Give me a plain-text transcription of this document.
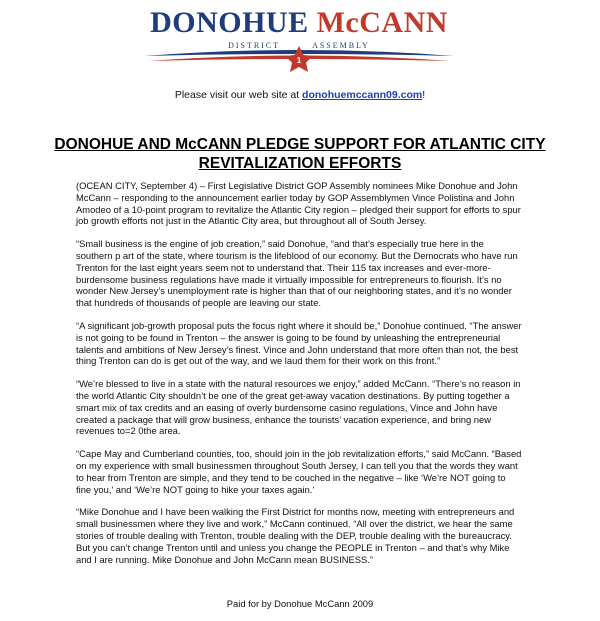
DONOHUE McCANN
DISTRICT	ASSEMBLY
1
Please visit our web site at donohuemccann09.com!
DONOHUE AND McCANN PLEDGE SUPPORT FOR ATLANTIC CITY REVITALIZATION EFFORTS

(OCEAN CITY, September 4) – First Legislative District GOP Assembly nominees Mike Donohue and John McCann – responding to the announcement earlier today by GOP Assemblymen Vince Polistina and John Amodeo of a 10-point program to revitalize the Atlantic City region – pledged their support for efforts to spur job growth efforts not just in the Atlantic City area, but throughout all of South Jersey.

“Small business is the engine of job creation,” said Donohue, “and that’s especially true here in the southern p art of the state, where tourism is the lifeblood of our economy. But the Democrats who have run Trenton for the last eight years seem not to understand that. Their 115 tax increases and ever-more-burdensome business regulations have made it virtually impossible for entrepreneurs to flourish. It’s no wonder New Jersey’s unemployment rate is higher than that of our neighboring states, and it’s no wonder that hundreds of thousands of people are leaving our state.

“A significant job-growth proposal puts the focus right where it should be,” Donohue continued. “The answer is not going to be found in Trenton – the answer is going to be found by unleashing the entrepreneurial talents and ambitions of New Jersey’s finest. Vince and John understand that more often than not, the best thing Trenton can do is get out of the way, and we laud them for their work on this front.”

“We’re blessed to live in a state with the natural resources we enjoy,” added McCann. “There’s no reason in the world Atlantic City shouldn’t be one of the great get-away vacation destinations. By putting together a smart mix of tax credits and an easing of overly burdensome casino regulations, Vince and John have created a package that will grow business, enhance the tourists’ vacation experience, and bring new revenues to=2 0the area.

“Cape May and Cumberland counties, too, should join in the job revitalization efforts,” said McCann. “Based on my experience with small businessmen throughout South Jersey, I can tell you that the words they want to hear from Trenton are simple, and they tend to be couched in the negative – like ‘We’re NOT going to fine you,’ and ‘We’re NOT going to hike your taxes again.’

“Mike Donohue and I have been walking the First District for months now, meeting with entrepreneurs and small businessmen where they live and work,” McCann continued. “All over the district, we hear the same stories of trouble dealing with Trenton, trouble dealing with the DEP, trouble dealing with the bureaucracy. But you can’t change Trenton until and unless you change the PEOPLE in Trenton – and that’s why Mike and I are running. Mike Donohue and John McCann mean BUSINESS.”

Paid for by Donohue McCann 2009
